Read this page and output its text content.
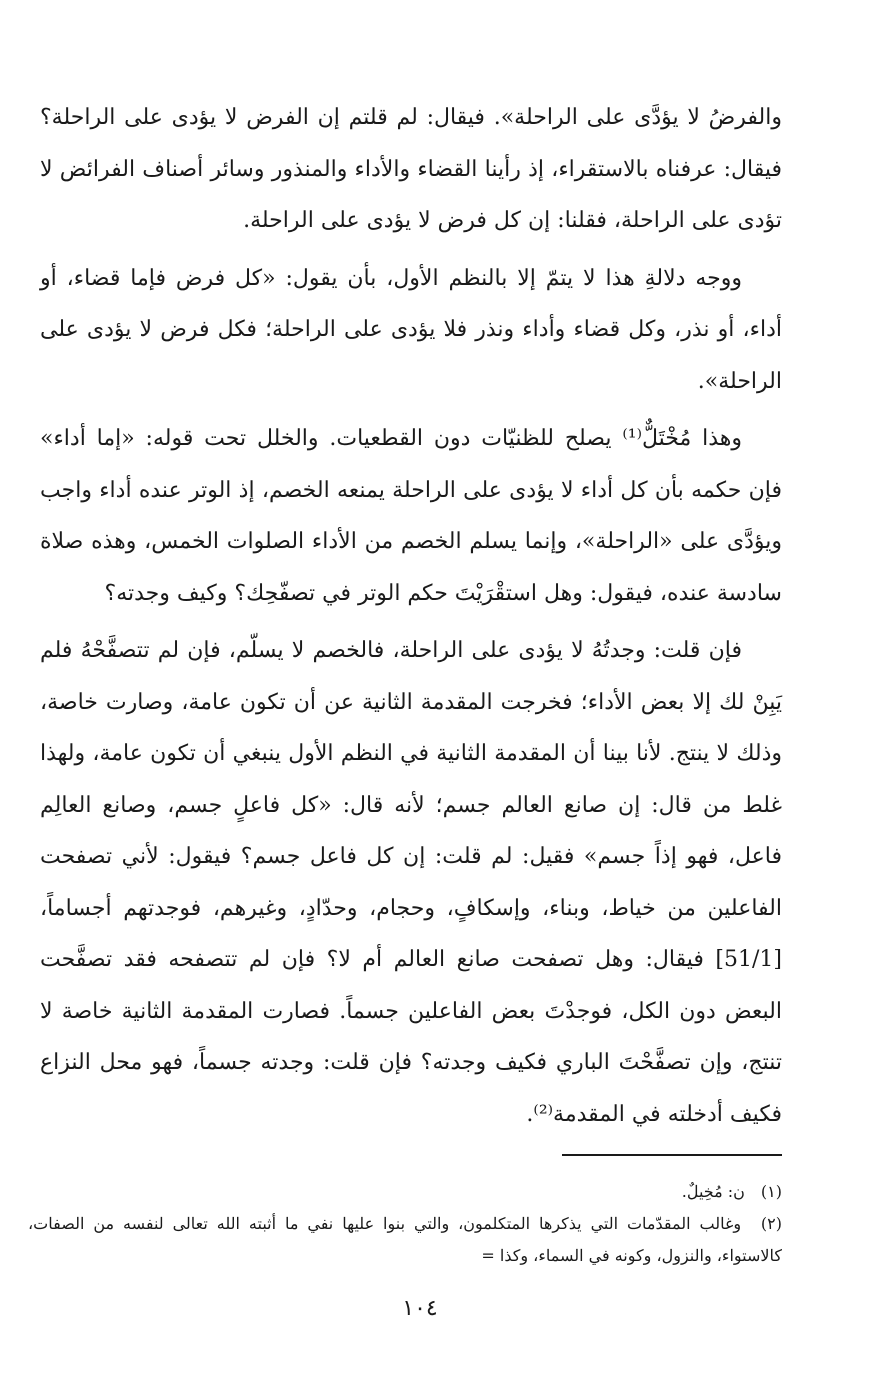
والفرضُ لا يؤدَّى على الراحلة». فيقال: لم قلتم إن الفرض لا يؤدى على الراحلة؟ فيقال: عرفناه بالاستقراء، إذ رأينا القضاء والأداء والمنذور وسائر أصناف الفرائض لا تؤدى على الراحلة، فقلنا: إن كل فرض لا يؤدى على الراحلة.

ووجه دلالةِ هذا لا يتمّ إلا بالنظم الأول، بأن يقول: «كل فرض فإما قضاء، أو أداء، أو نذر، وكل قضاء وأداء ونذر فلا يؤدى على الراحلة؛ فكل فرض لا يؤدى على الراحلة».

وهذا مُخْتَلٌّ⁽¹⁾ يصلح للظنيّات دون القطعيات. والخلل تحت قوله: «إما أداء» فإن حكمه بأن كل أداء لا يؤدى على الراحلة يمنعه الخصم، إذ الوتر عنده أداء واجب ويؤدَّى على «الراحلة»، وإنما يسلم الخصم من الأداء الصلوات الخمس، وهذه صلاة سادسة عنده، فيقول: وهل استقْرَيْتَ حكم الوتر في تصفّحِك؟ وكيف وجدته؟

فإن قلت: وجدتُهُ لا يؤدى على الراحلة، فالخصم لا يسلّم، فإن لم تتصفَّحْهُ فلم يَبِنْ لك إلا بعض الأداء؛ فخرجت المقدمة الثانية عن أن تكون عامة، وصارت خاصة، وذلك لا ينتج. لأنا بينا أن المقدمة الثانية في النظم الأول ينبغي أن تكون عامة، ولهذا غلط من قال: إن صانع العالم جسم؛ لأنه قال: «كل فاعلٍ جسم، وصانع العالِم فاعل، فهو إذاً جسم» فقيل: لم قلت: إن كل فاعل جسم؟ فيقول: لأني تصفحت الفاعلين من خياط، وبناء، وإسكافٍ، وحجام، وحدّادٍ، وغيرهم، فوجدتهم أجساماً، [51/1] فيقال: وهل تصفحت صانع العالم أم لا؟ فإن لم تتصفحه فقد تصفَّحت البعض دون الكل، فوجدْتَ بعض الفاعلين جسماً. فصارت المقدمة الثانية خاصة لا تنتج، وإن تصفَّحْتَ الباري فكيف وجدته؟ فإن قلت: وجدته جسماً، فهو محل النزاع فكيف أدخلته في المقدمة⁽²⁾.

(١) ن: مُخِيلٌ.

(٢) وغالب المقدّمات التي يذكرها المتكلمون، والتي بنوا عليها نفي ما أثبته الله تعالى لنفسه من الصفات، كالاستواء، والنزول، وكونه في السماء، وكذا =

١٠٤
